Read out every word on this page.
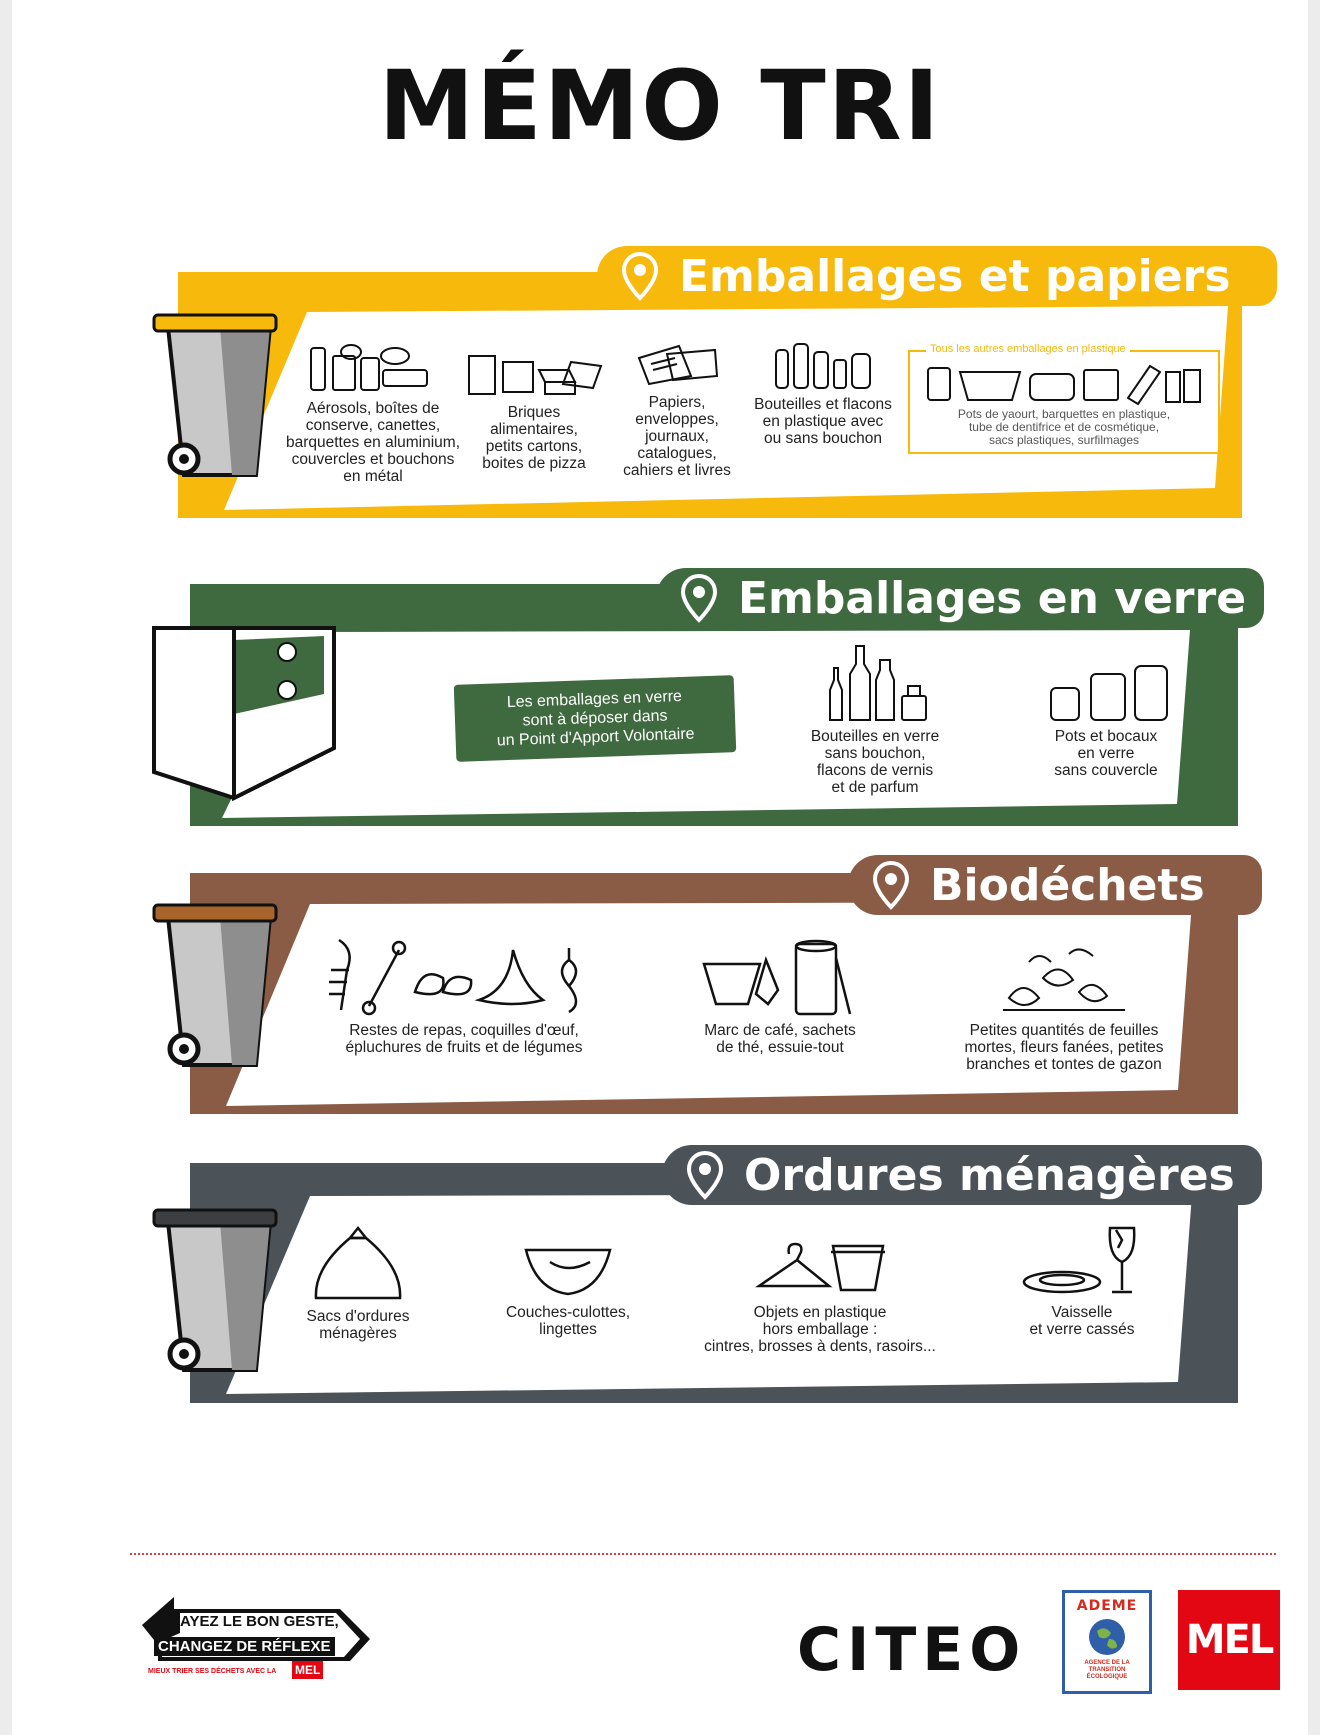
MÉMO TRI
Emballages et papiers
Aérosols, boîtes de
conserve, canettes,
barquettes en aluminium,
couvercles et bouchons
en métal
Briques
alimentaires,
petits cartons,
boites de pizza
Papiers,
enveloppes,
journaux,
catalogues,
cahiers et livres
Bouteilles et flacons
en plastique avec
ou sans bouchon
Tous les autres emballages en plastique
Pots de yaourt, barquettes en plastique,
tube de dentifrice et de cosmétique,
sacs plastiques, surfilmages
Emballages en verre
Les emballages en verre
sont à déposer dans
un Point d'Apport Volontaire	Bouteilles en verre
sans bouchon,
flacons de vernis
et de parfum
Pots et bocaux
en verre
sans couvercle
Biodéchets
Restes de repas, coquilles d'œuf,
épluchures de fruits et de légumes
Marc de café, sachets
de thé, essuie-tout
Petites quantités de feuilles
mortes, fleurs fanées, petites
branches et tontes de gazon
Ordures ménagères
Sacs d'ordures
ménagères
Couches-culottes,
lingettes
Objets en plastique
hors emballage :
cintres, brosses à dents, rasoirs...
Vaisselle
et verre cassés
AYEZ LE BON GESTE,
CHANGEZ DE RÉFLEXE
MIEUX TRIER SES DÉCHETS AVEC LA MEL	CITEO
ADEME
AGENCE DE LA
TRANSITION
ÉCOLOGIQUE
MEL
